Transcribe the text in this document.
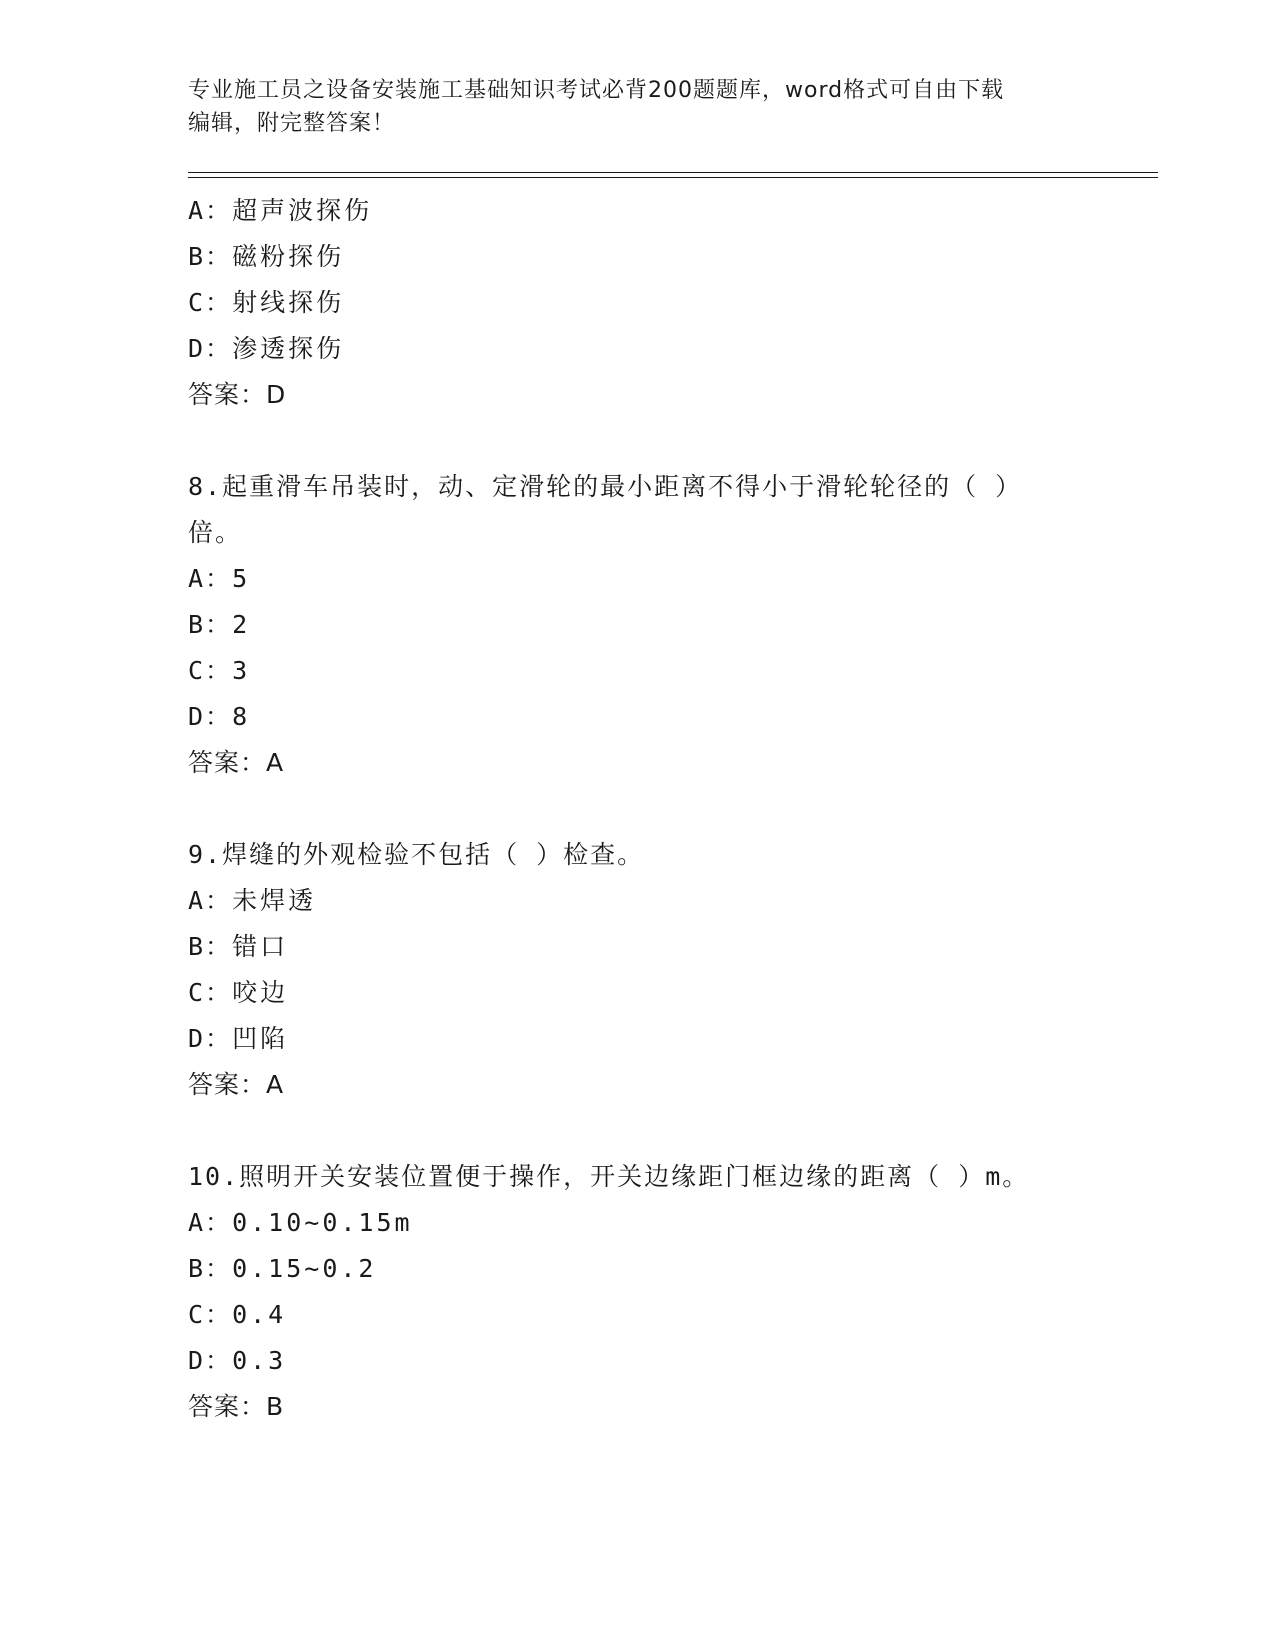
专业施工员之设备安装施工基础知识考试必背200题题库，word格式可自由下载
编辑，附完整答案！
A：超声波探伤
B：磁粉探伤
C：射线探伤
D：渗透探伤
答案：D
8.起重滑车吊装时，动、定滑轮的最小距离不得小于滑轮轮径的（ ）
倍。
A：5
B：2
C：3
D：8
答案：A
9.焊缝的外观检验不包括（ ）检查。
A：未焊透
B：错口
C：咬边
D：凹陷
答案：A
10.照明开关安装位置便于操作，开关边缘距门框边缘的距离（ ）m。
A：0.10~0.15m
B：0.15~0.2
C：0.4
D：0.3
答案：B
